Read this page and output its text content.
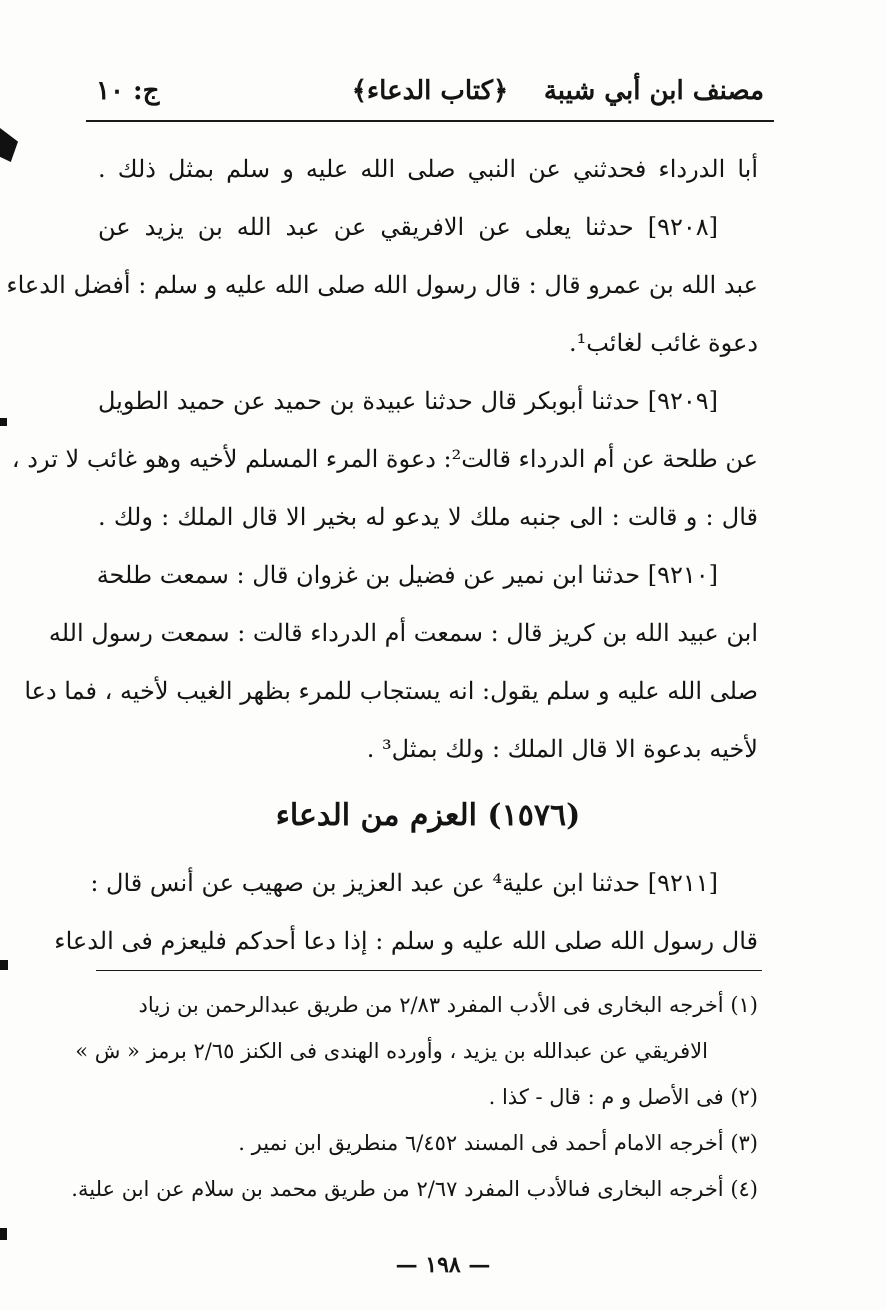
مصنف ابن أبي شيبة
﴿كتاب الدعاء﴾
ج: ١٠
أبا الدرداء فحدثني عن النبي صلى الله عليه و سلم بمثل ذلك .
[٩٢٠٨] حدثنا يعلى عن الافريقي عن عبد الله بن يزيد عن
عبد الله بن عمرو قال : قال رسول الله صلى الله عليه و سلم : أفضل الدعاء
دعوة غائب لغائب¹.
[٩٢٠٩] حدثنا أبوبكر قال حدثنا عبيدة بن حميد عن حميد الطويل
عن طلحة عن أم الدرداء قالت²: دعوة المرء المسلم لأخيه وهو غائب لا ترد ،
قال : و قالت : الى جنبه ملك لا يدعو له بخير الا قال الملك : ولك .
[٩٢١٠] حدثنا ابن نمير عن فضيل بن غزوان قال : سمعت طلحة
ابن عبيد الله بن كريز قال : سمعت أم الدرداء قالت : سمعت رسول الله
صلى الله عليه و سلم يقول: انه يستجاب للمرء بظهر الغيب لأخيه ، فما دعا
لأخيه بدعوة الا قال الملك : ولك بمثل³ .
(١٥٧٦) العزم من الدعاء
[٩٢١١] حدثنا ابن علية⁴ عن عبد العزيز بن صهيب عن أنس قال :
قال رسول الله صلى الله عليه و سلم : إذا دعا أحدكم فليعزم فى الدعاء
(١) أخرجه البخارى فى الأدب المفرد ٢/٨٣ من طريق عبدالرحمن بن زياد
الافريقي عن عبدالله بن يزيد ، وأورده الهندى فى الكنز ٢/٦٥ برمز « ش »
(٢) فى الأصل و م : قال - كذا .
(٣) أخرجه الامام أحمد فى المسند ٦/٤٥٢ منطريق ابن نمير .
(٤) أخرجه البخارى فىالأدب المفرد ٢/٦٧ من طريق محمد بن سلام عن ابن علية.
— ١٩٨ —
